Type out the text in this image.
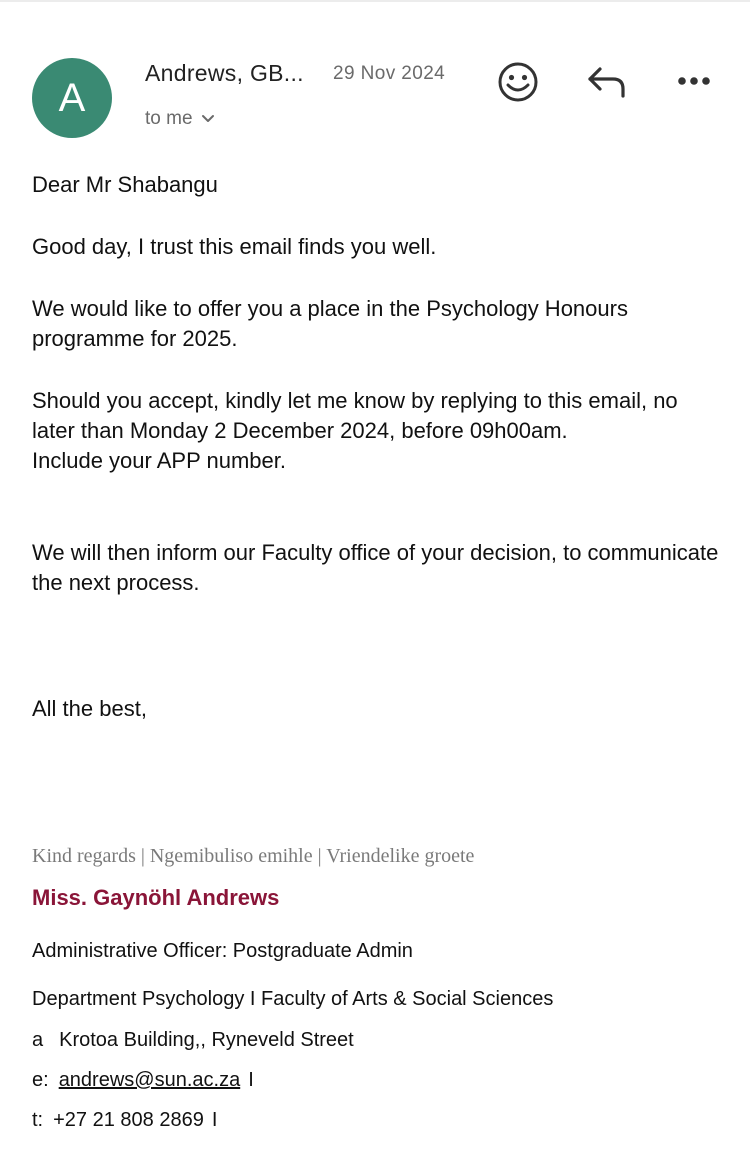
A
Andrews, GB... 29 Nov 2024
to me

Dear Mr Shabangu

Good day, I trust this email finds you well.

We would like to offer you a place in the Psychology Honours programme for 2025.

Should you accept, kindly let me know by replying to this email, no later than Monday 2 December 2024, before 09h00am.

Include your APP number.

We will then inform our Faculty office of your decision, to communicate the next process.

All the best,

Kind regards | Ngemibuliso emihle | Vriendelike groete
Miss. Gaynöhl Andrews
Administrative Officer: Postgraduate Admin
Department Psychology I Faculty of Arts & Social Sciences
a Krotoa Building,, Ryneveld Street
e: andrews@sun.ac.za I
t: +27 21 808 2869 I
